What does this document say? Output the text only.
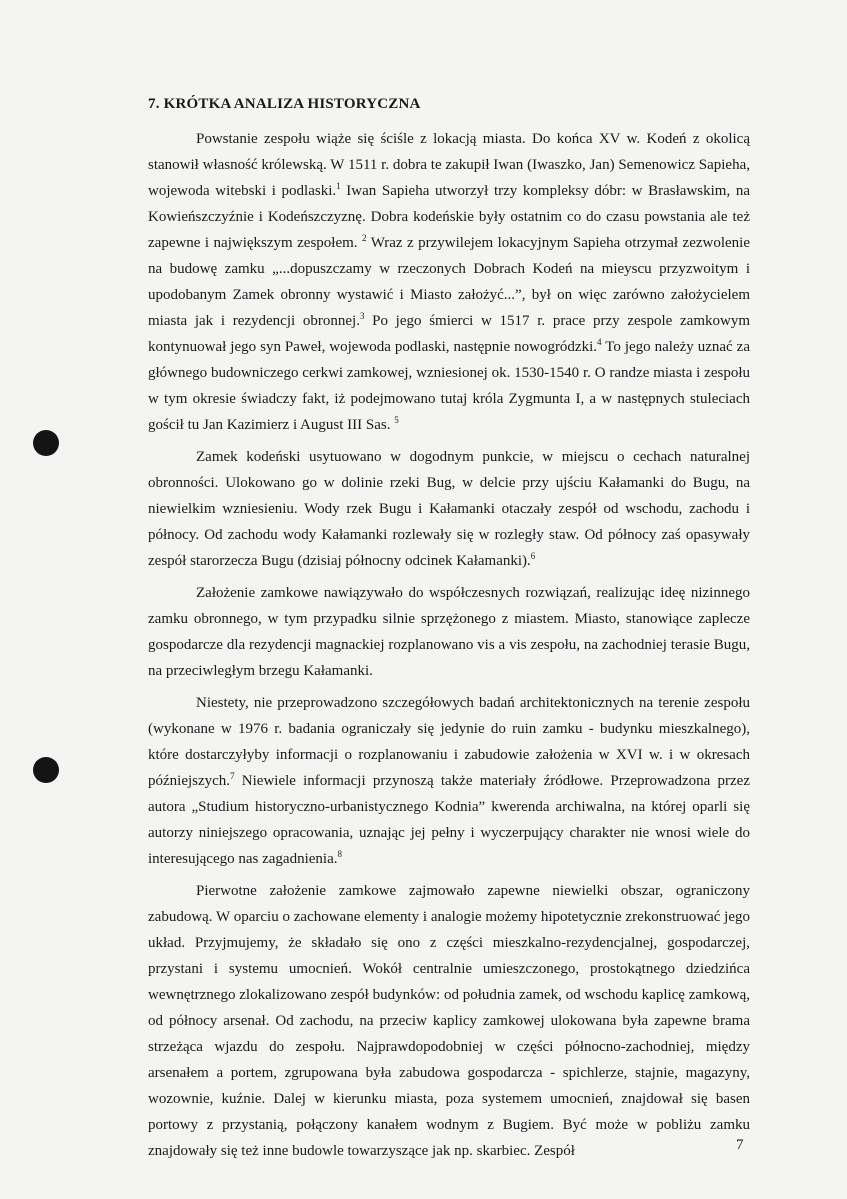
7. KRÓTKA ANALIZA HISTORYCZNA

Powstanie zespołu wiąże się ściśle z lokacją miasta. Do końca XV w. Kodeń z okolicą stanowił własność królewską. W 1511 r. dobra te zakupił Iwan (Iwaszko, Jan) Semenowicz Sapieha, wojewoda witebski i podlaski.$^1$ Iwan Sapieha utworzył trzy kompleksy dóbr: w Brasławskim, na Kowieńszczyźnie i Kodeńszczyznę. Dobra kodeńskie były ostatnim co do czasu powstania ale też zapewne i największym zespołem. $^2$ Wraz z przywilejem lokacyjnym Sapieha otrzymał zezwolenie na budowę zamku „...dopuszczamy w rzeczonych Dobrach Kodeń na mieyscu przyzwoitym i upodobanym Zamek obronny wystawić i Miasto założyć...”, był on więc zarówno założycielem miasta jak i rezydencji obronnej.$^3$ Po jego śmierci w 1517 r. prace przy zespole zamkowym kontynuował jego syn Paweł, wojewoda podlaski, następnie nowogródzki.$^4$ To jego należy uznać za głównego budowniczego cerkwi zamkowej, wzniesionej ok. 1530-1540 r. O randze miasta i zespołu w tym okresie świadczy fakt, iż podejmowano tutaj króla Zygmunta I, a w następnych stuleciach gościł tu Jan Kazimierz i August III Sas. $^5$

Zamek kodeński usytuowano w dogodnym punkcie, w miejscu o cechach naturalnej obronności. Ulokowano go w dolinie rzeki Bug, w delcie przy ujściu Kałamanki do Bugu, na niewielkim wzniesieniu. Wody rzek Bugu i Kałamanki otaczały zespół od wschodu, zachodu i północy. Od zachodu wody Kałamanki rozlewały się w rozległy staw. Od północy zaś opasywały zespół starorzecza Bugu (dzisiaj północny odcinek Kałamanki).$^6$

Założenie zamkowe nawiązywało do współczesnych rozwiązań, realizując ideę nizinnego zamku obronnego, w tym przypadku silnie sprzężonego z miastem. Miasto, stanowiące zaplecze gospodarcze dla rezydencji magnackiej rozplanowano vis a vis zespołu, na zachodniej terasie Bugu, na przeciwległym brzegu Kałamanki.

Niestety, nie przeprowadzono szczegółowych badań architektonicznych na terenie zespołu (wykonane w 1976 r. badania ograniczały się jedynie do ruin zamku - budynku mieszkalnego), które dostarczyłyby informacji o rozplanowaniu i zabudowie założenia w XVI w. i w okresach późniejszych.$^7$ Niewiele informacji przynoszą także materiały źródłowe. Przeprowadzona przez autora „Studium historyczno-urbanistycznego Kodnia” kwerenda archiwalna, na której oparli się autorzy niniejszego opracowania, uznając jej pełny i wyczerpujący charakter nie wnosi wiele do interesującego nas zagadnienia.$^8$

Pierwotne założenie zamkowe zajmowało zapewne niewielki obszar, ograniczony zabudową. W oparciu o zachowane elementy i analogie możemy hipotetycznie zrekonstruować jego układ. Przyjmujemy, że składało się ono z części mieszkalno-rezydencjalnej, gospodarczej, przystani i systemu umocnień. Wokół centralnie umieszczonego, prostokątnego dziedzińca wewnętrznego zlokalizowano zespół budynków: od południa zamek, od wschodu kaplicę zamkową, od północy arsenał. Od zachodu, na przeciw kaplicy zamkowej ulokowana była zapewne brama strzeżąca wjazdu do zespołu. Najprawdopodobniej w części północno-zachodniej, między arsenałem a portem, zgrupowana była zabudowa gospodarcza - spichlerze, stajnie, magazyny, wozownie, kuźnie. Dalej w kierunku miasta, poza systemem umocnień, znajdował się basen portowy z przystanią, połączony kanałem wodnym z Bugiem. Być może w pobliżu zamku znajdowały się też inne budowle towarzyszące jak np. skarbiec. Zespół	7
